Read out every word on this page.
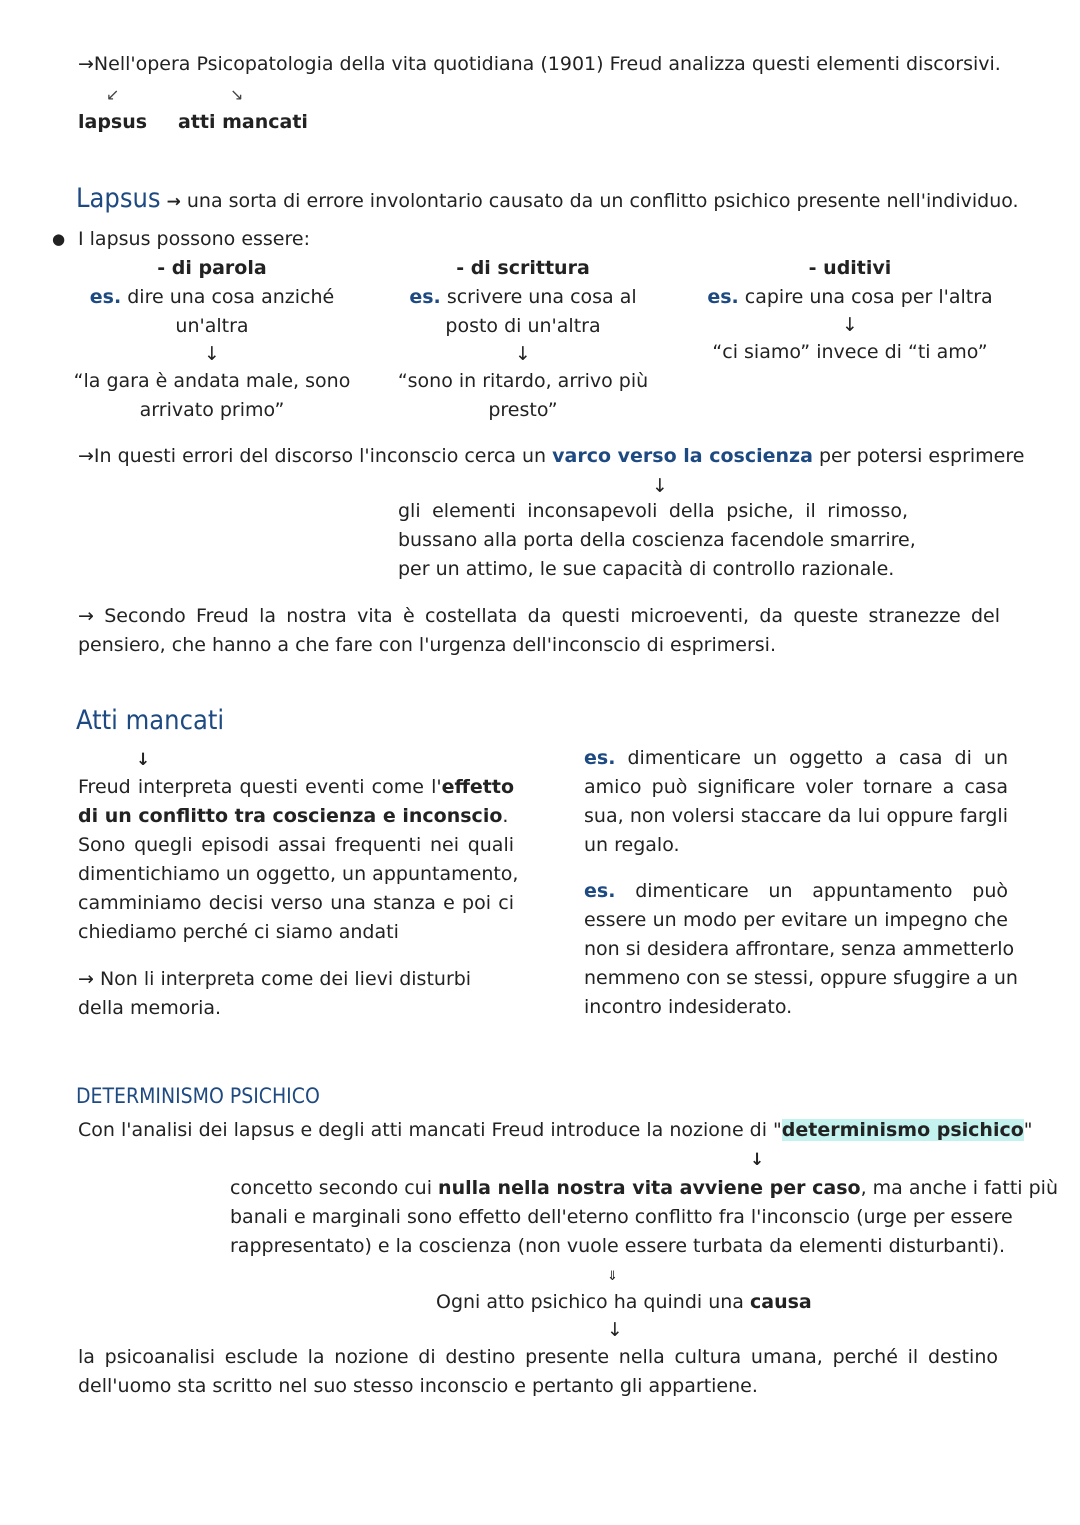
→Nell'opera Psicopatologia della vita quotidiana (1901) Freud analizza questi elementi discorsivi.
↙	↘
lapsus atti mancati
Lapsus → una sorta di errore involontario causato da un conflitto psichico presente nell'individuo.
● I lapsus possono essere:
- di parola
es. dire una cosa anziché
un'altra
↓
“la gara è andata male, sono
arrivato primo”
- di scrittura
es. scrivere una cosa al
posto di un'altra
↓
“sono in ritardo, arrivo più
presto”
- uditivi
es. capire una cosa per l'altra
↓
“ci siamo” invece di “ti amo”
→In questi errori del discorso l'inconscio cerca un varco verso la coscienza per potersi esprimere
↓
gli elementi inconsapevoli della psiche, il rimosso,
bussano alla porta della coscienza facendole smarrire,
per un attimo, le sue capacità di controllo razionale.
→ Secondo Freud la nostra vita è costellata da questi microeventi, da queste stranezze del
pensiero, che hanno a che fare con l'urgenza dell'inconscio di esprimersi.
Atti mancati
↓
Freud interpreta questi eventi come l'effetto
di un conflitto tra coscienza e inconscio.
Sono quegli episodi assai frequenti nei quali
dimentichiamo un oggetto, un appuntamento,
camminiamo decisi verso una stanza e poi ci
chiediamo perché ci siamo andati
→ Non li interpreta come dei lievi disturbi
della memoria.
es. dimenticare un oggetto a casa di un
amico può significare voler tornare a casa
sua, non volersi staccare da lui oppure fargli
un regalo.
es. dimenticare un appuntamento può
essere un modo per evitare un impegno che
non si desidera affrontare, senza ammetterlo
nemmeno con se stessi, oppure sfuggire a un
incontro indesiderato.
DETERMINISMO PSICHICO
Con l'analisi dei lapsus e degli atti mancati Freud introduce la nozione di "determinismo psichico"
↓
concetto secondo cui nulla nella nostra vita avviene per caso, ma anche i fatti più
banali e marginali sono effetto dell'eterno conflitto fra l'inconscio (urge per essere
rappresentato) e la coscienza (non vuole essere turbata da elementi disturbanti).
⇓
Ogni atto psichico ha quindi una causa
↓
la psicoanalisi esclude la nozione di destino presente nella cultura umana, perché il destino
dell'uomo sta scritto nel suo stesso inconscio e pertanto gli appartiene.
